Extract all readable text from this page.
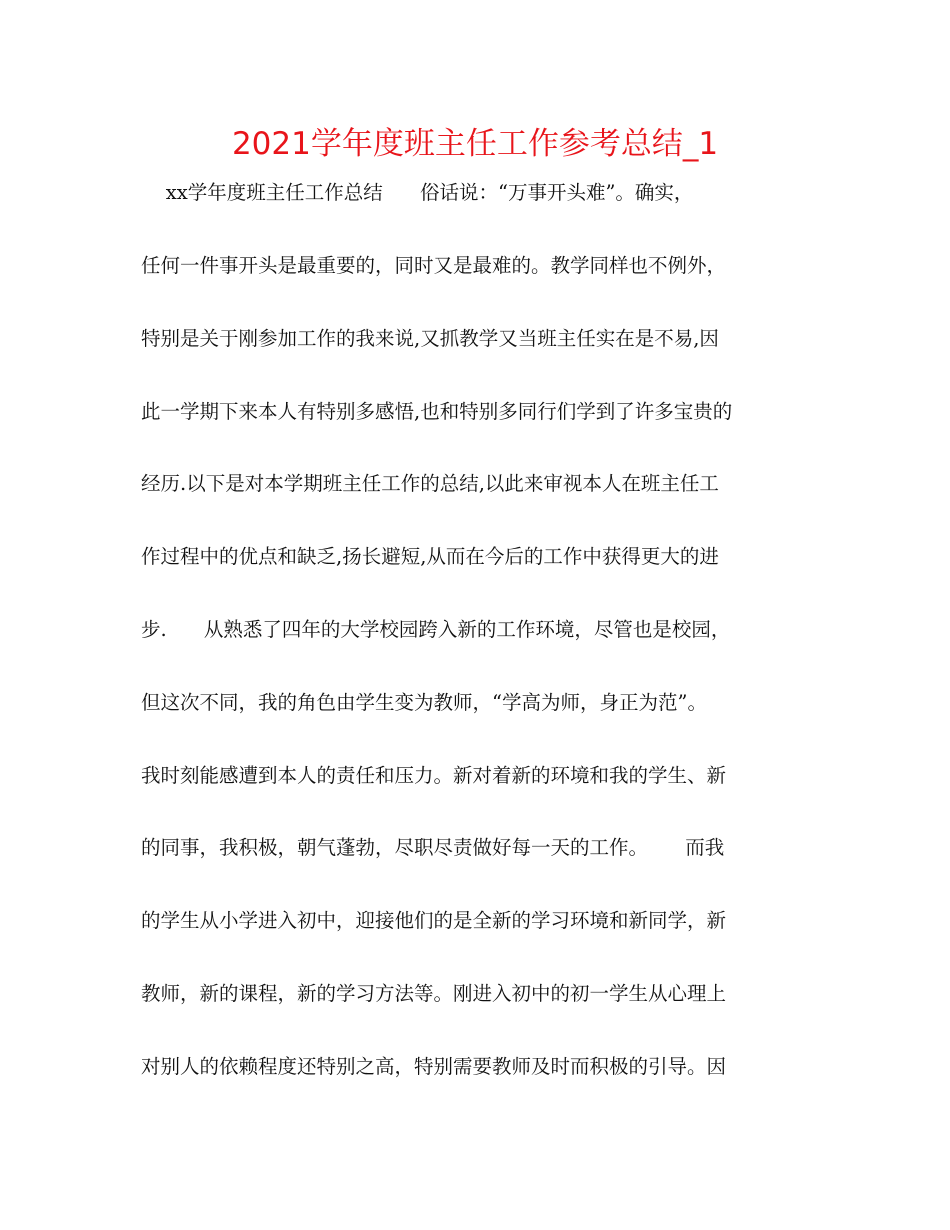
2021学年度班主任工作参考总结_1
xx学年度班主任工作总结      俗话说：“万事开头难”。确实，
任何一件事开头是最重要的，同时又是最难的。教学同样也不例外，
特别是关于刚参加工作的我来说,又抓教学又当班主任实在是不易,因
此一学期下来本人有特别多感悟,也和特别多同行们学到了许多宝贵的
经历.以下是对本学期班主任工作的总结,以此来审视本人在班主任工
作过程中的优点和缺乏,扬长避短,从而在今后的工作中获得更大的进
步.      从熟悉了四年的大学校园跨入新的工作环境，尽管也是校园，
但这次不同，我的角色由学生变为教师，“学高为师，身正为范”。
我时刻能感遭到本人的责任和压力。新对着新的环境和我的学生、新
的同事，我积极，朝气蓬勃，尽职尽责做好每一天的工作。      而我
的学生从小学进入初中，迎接他们的是全新的学习环境和新同学，新
教师，新的课程，新的学习方法等。刚进入初中的初一学生从心理上
对别人的依赖程度还特别之高，特别需要教师及时而积极的引导。因
